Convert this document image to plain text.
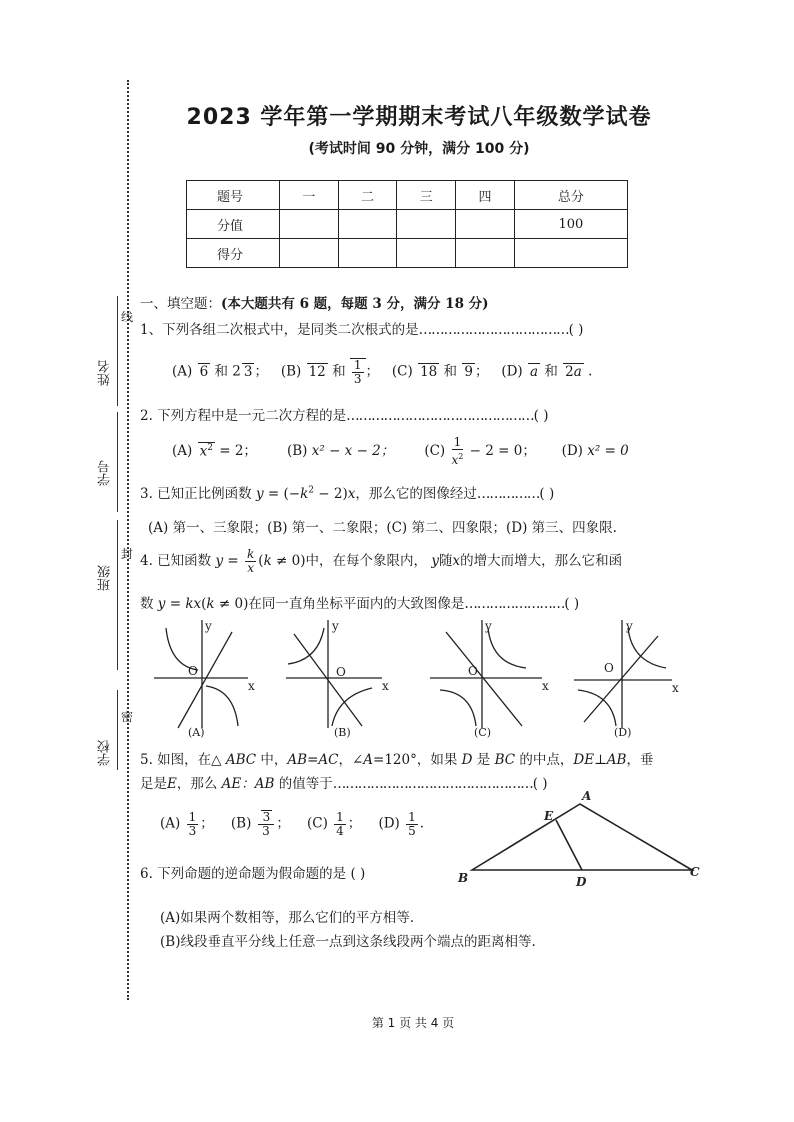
姓名
学号
班级
学校
线
封
密
2023 学年第一学期期末考试八年级数学试卷
(考试时间 90 分钟，满分 100 分)
题号	一	二	三	四	总分
分值					100
得分					
一、填空题：(本大题共有 6 题，每题 3 分，满分 18 分)
1、下列各组二次根式中，是同类二次根式的是………………………………( )
(A) 6 和 2 3 ；   (B) 12 和 $\frac{1}{3}$ ；   (C) 18 和 9 ；   (D) a 和 2a .
2. 下列方程中是一元二次方程的是………………………………………( )
(A) $x^2 = 2$；       (B) x² − x − 2； $(C) \frac{1}{x^2} - 2 = 0$；      (D) x² = 0
3. 已知正比例函数 $y = (-k^2 - 2)x$，那么它的图像经过……………( )
(A) 第一、三象限；(B) 第一、二象限；(C) 第二、四象限；(D) 第三、四象限.
4. 已知函数 $y = \frac{k}{x} (k \ne 0)$中，在每个象限内， y随x的增大而增大，那么它和函
数 y = kx(k ≠ 0)在同一直角坐标平面内的大致图像是……………………( )
x
y
O
(A)
x
y
O
(B)
x
y
O
(C)
x
y
O
(D)
5. 如图，在△ ABC 中，AB=AC，∠A=120°，如果 D 是 BC 的中点，DE⊥AB，垂
足是E，那么 AE：AB 的值等于…………………………………………( )
$(A) \frac{1}{3}$ ；    $(B) \frac{3}{3}$ ；    $(C) \frac{1}{4}$ ；    $(D) \frac{1}{5}$ .
A
B	C
D
E
6. 下列命题的逆命题为假命题的是 ( )
(A)如果两个数相等，那么它们的平方相等.
(B)线段垂直平分线上任意一点到这条线段两个端点的距离相等.
第 1 页 共 4 页
